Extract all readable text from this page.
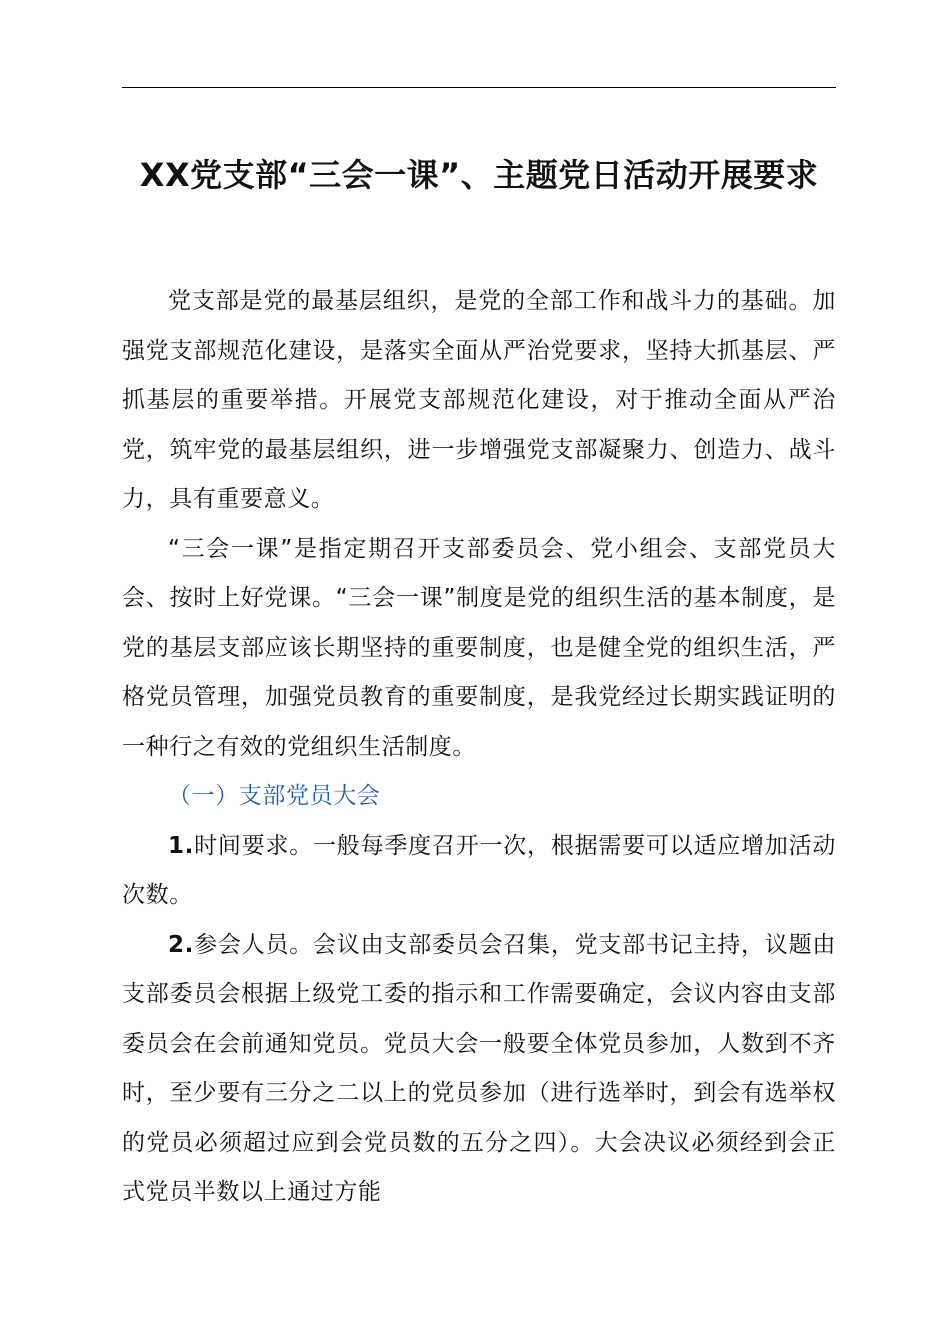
XX党支部“三会一课”、主题党日活动开展要求

党支部是党的最基层组织，是党的全部工作和战斗力的基础。加强党支部规范化建设，是落实全面从严治党要求，坚持大抓基层、严抓基层的重要举措。开展党支部规范化建设，对于推动全面从严治党，筑牢党的最基层组织，进一步增强党支部凝聚力、创造力、战斗力，具有重要意义。

“三会一课”是指定期召开支部委员会、党小组会、支部党员大会、按时上好党课。“三会一课”制度是党的组织生活的基本制度，是党的基层支部应该长期坚持的重要制度，也是健全党的组织生活，严格党员管理，加强党员教育的重要制度，是我党经过长期实践证明的一种行之有效的党组织生活制度。

（一）支部党员大会

1.时间要求。一般每季度召开一次，根据需要可以适应增加活动次数。

2.参会人员。会议由支部委员会召集，党支部书记主持，议题由支部委员会根据上级党工委的指示和工作需要确定，会议内容由支部委员会在会前通知党员。党员大会一般要全体党员参加，人数到不齐时，至少要有三分之二以上的党员参加（进行选举时，到会有选举权的党员必须超过应到会党员数的五分之四）。大会决议必须经到会正式党员半数以上通过方能
